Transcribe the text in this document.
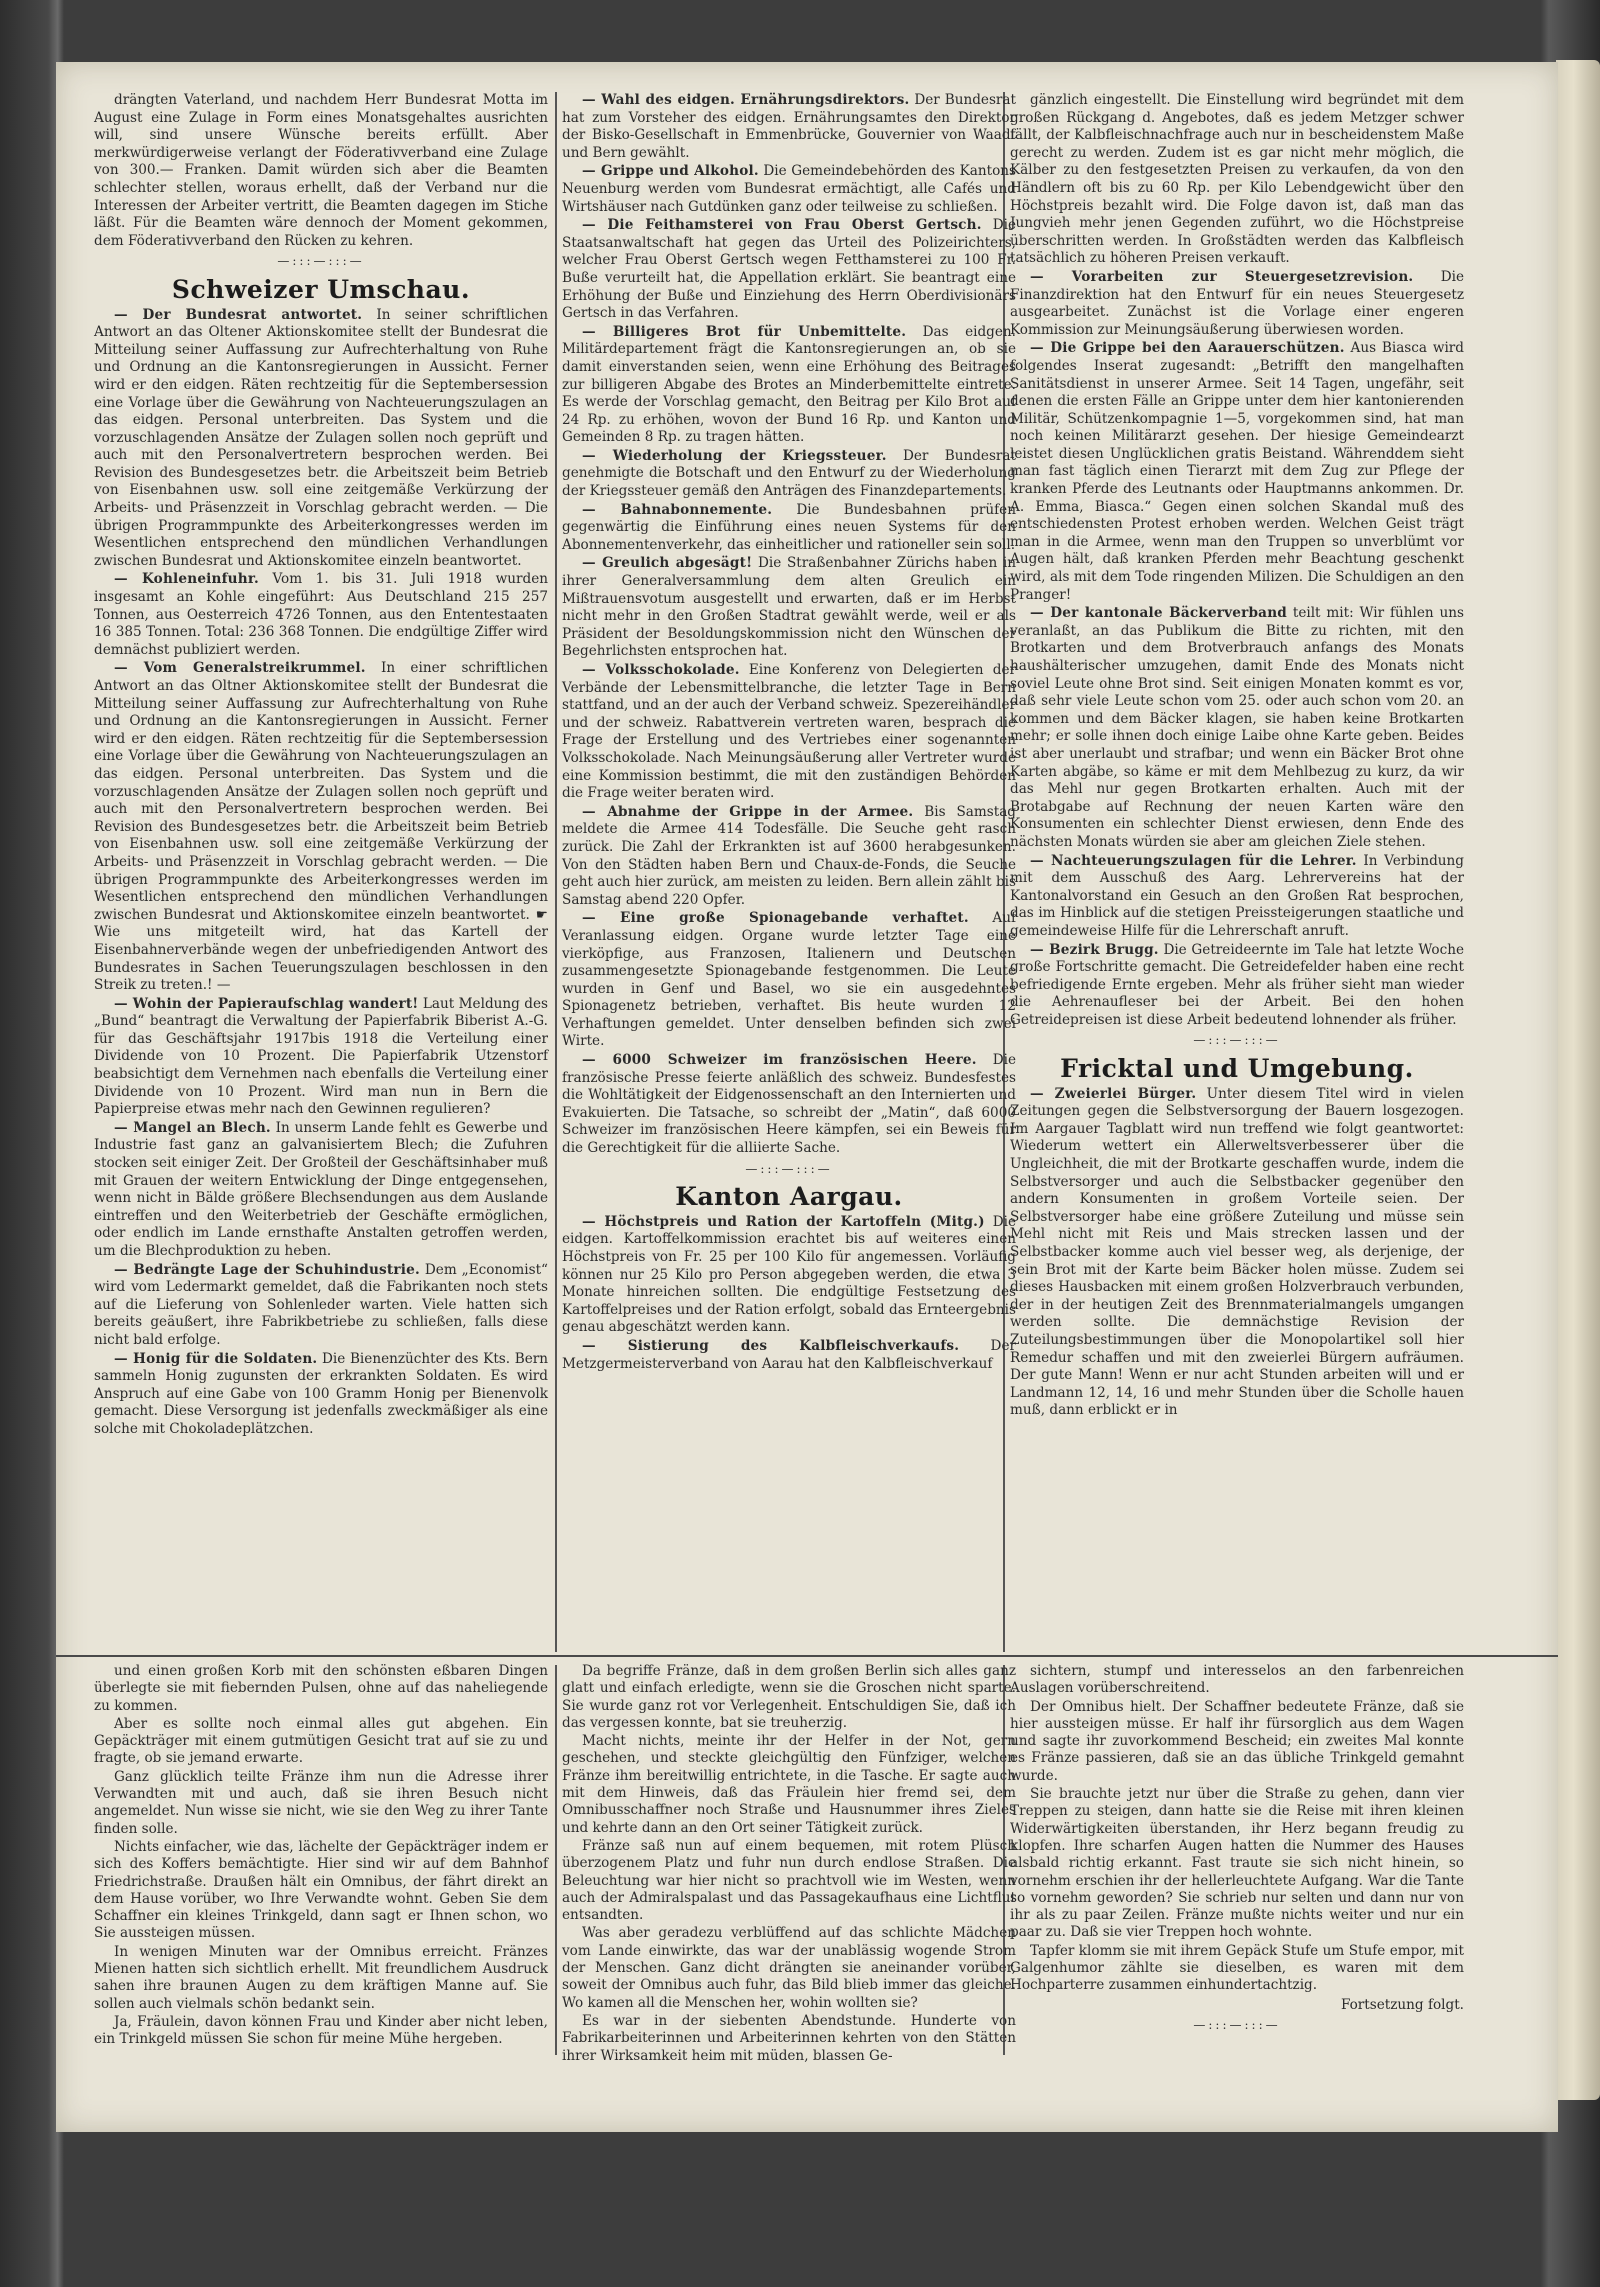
drängten Vaterland, und nachdem Herr Bundesrat Motta im August eine Zulage in Form eines Monatsgehaltes ausrichten will, sind unsere Wünsche bereits erfüllt. Aber merkwürdigerweise verlangt der Föderativverband eine Zulage von 300.— Franken. Damit würden sich aber die Beamten schlechter stellen, woraus erhellt, daß der Verband nur die Interessen der Arbeiter vertritt, die Beamten dagegen im Stiche läßt. Für die Beamten wäre dennoch der Moment gekommen, dem Föderativverband den Rücken zu kehren.

—:::—:::—
Schweizer Umschau.

— Der Bundesrat antwortet. In seiner schriftlichen Antwort an das Oltener Aktionskomitee stellt der Bundesrat die Mitteilung seiner Auffassung zur Aufrechterhaltung von Ruhe und Ordnung an die Kantonsregierungen in Aussicht. Ferner wird er den eidgen. Räten rechtzeitig für die Septembersession eine Vorlage über die Gewährung von Nachteuerungszulagen an das eidgen. Personal unterbreiten. Das System und die vorzuschlagenden Ansätze der Zulagen sollen noch geprüft und auch mit den Personalvertretern besprochen werden. Bei Revision des Bundesgesetzes betr. die Arbeitszeit beim Betrieb von Eisenbahnen usw. soll eine zeitgemäße Verkürzung der Arbeits- und Präsenzzeit in Vorschlag gebracht werden. — Die übrigen Programmpunkte des Arbeiterkongresses werden im Wesentlichen entsprechend den mündlichen Verhandlungen zwischen Bundesrat und Aktionskomitee einzeln beantwortet.

— Kohleneinfuhr. Vom 1. bis 31. Juli 1918 wurden insgesamt an Kohle eingeführt: Aus Deutschland 215 257 Tonnen, aus Oesterreich 4726 Tonnen, aus den Ententestaaten 16 385 Tonnen. Total: 236 368 Tonnen. Die endgültige Ziffer wird demnächst publiziert werden.

— Vom Generalstreikrummel. In einer schriftlichen Antwort an das Oltner Aktionskomitee stellt der Bundesrat die Mitteilung seiner Auffassung zur Aufrechterhaltung von Ruhe und Ordnung an die Kantonsregierungen in Aussicht. Ferner wird er den eidgen. Räten rechtzeitig für die Septembersession eine Vorlage über die Gewährung von Nachteuerungszulagen an das eidgen. Personal unterbreiten. Das System und die vorzuschlagenden Ansätze der Zulagen sollen noch geprüft und auch mit den Personalvertretern besprochen werden. Bei Revision des Bundesgesetzes betr. die Arbeitszeit beim Betrieb von Eisenbahnen usw. soll eine zeitgemäße Verkürzung der Arbeits- und Präsenzzeit in Vorschlag gebracht werden. — Die übrigen Programmpunkte des Arbeiterkongresses werden im Wesentlichen entsprechend den mündlichen Verhandlungen zwischen Bundesrat und Aktionskomitee einzeln beantwortet. ☛ Wie uns mitgeteilt wird, hat das Kartell der Eisenbahnerverbände wegen der unbefriedigenden Antwort des Bundesrates in Sachen Teuerungszulagen beschlossen in den Streik zu treten.! —

— Wohin der Papieraufschlag wandert! Laut Meldung des „Bund“ beantragt die Verwaltung der Papierfabrik Biberist A.-G. für das Geschäftsjahr 1917bis 1918 die Verteilung einer Dividende von 10 Prozent. Die Papierfabrik Utzenstorf beabsichtigt dem Vernehmen nach ebenfalls die Verteilung einer Dividende von 10 Prozent. Wird man nun in Bern die Papierpreise etwas mehr nach den Gewinnen regulieren?

— Mangel an Blech. In unserm Lande fehlt es Gewerbe und Industrie fast ganz an galvanisiertem Blech; die Zufuhren stocken seit einiger Zeit. Der Großteil der Geschäftsinhaber muß mit Grauen der weitern Entwicklung der Dinge entgegensehen, wenn nicht in Bälde größere Blechsendungen aus dem Auslande eintreffen und den Weiterbetrieb der Geschäfte ermöglichen, oder endlich im Lande ernsthafte Anstalten getroffen werden, um die Blechproduktion zu heben.

— Bedrängte Lage der Schuhindustrie. Dem „Economist“ wird vom Ledermarkt gemeldet, daß die Fabrikanten noch stets auf die Lieferung von Sohlenleder warten. Viele hatten sich bereits geäußert, ihre Fabrikbetriebe zu schließen, falls diese nicht bald erfolge.

— Honig für die Soldaten. Die Bienenzüchter des Kts. Bern sammeln Honig zugunsten der erkrankten Soldaten. Es wird Anspruch auf eine Gabe von 100 Gramm Honig per Bienenvolk gemacht. Diese Versorgung ist jedenfalls zweckmäßiger als eine solche mit Chokoladeplätzchen.

— Wahl des eidgen. Ernährungsdirektors. Der Bundesrat hat zum Vorsteher des eidgen. Ernährungsamtes den Direktor der Bisko-Gesellschaft in Emmenbrücke, Gouvernier von Waadt und Bern gewählt.

— Grippe und Alkohol. Die Gemeindebehörden des Kantons Neuenburg werden vom Bundesrat ermächtigt, alle Cafés und Wirtshäuser nach Gutdünken ganz oder teilweise zu schließen.

— Die Feithamsterei von Frau Oberst Gertsch. Die Staatsanwaltschaft hat gegen das Urteil des Polizeirichters, welcher Frau Oberst Gertsch wegen Fetthamsterei zu 100 Fr. Buße verurteilt hat, die Appellation erklärt. Sie beantragt eine Erhöhung der Buße und Einziehung des Herrn Oberdivisionärs Gertsch in das Verfahren.

— Billigeres Brot für Unbemittelte. Das eidgen. Militärdepartement frägt die Kantonsregierungen an, ob sie damit einverstanden seien, wenn eine Erhöhung des Beitrages zur billigeren Abgabe des Brotes an Minderbemittelte eintrete. Es werde der Vorschlag gemacht, den Beitrag per Kilo Brot auf 24 Rp. zu erhöhen, wovon der Bund 16 Rp. und Kanton und Gemeinden 8 Rp. zu tragen hätten.

— Wiederholung der Kriegssteuer. Der Bundesrat genehmigte die Botschaft und den Entwurf zu der Wiederholung der Kriegssteuer gemäß den Anträgen des Finanzdepartements.

— Bahnabonnemente. Die Bundesbahnen prüfen gegenwärtig die Einführung eines neuen Systems für den Abonnementenverkehr, das einheitlicher und rationeller sein soll.

— Greulich abgesägt! Die Straßenbahner Zürichs haben in ihrer Generalversammlung dem alten Greulich ein Mißtrauensvotum ausgestellt und erwarten, daß er im Herbst nicht mehr in den Großen Stadtrat gewählt werde, weil er als Präsident der Besoldungskommission nicht den Wünschen der Begehrlichsten entsprochen hat.

— Volksschokolade. Eine Konferenz von Delegierten der Verbände der Lebensmittelbranche, die letzter Tage in Bern stattfand, und an der auch der Verband schweiz. Spezereihändler und der schweiz. Rabattverein vertreten waren, besprach die Frage der Erstellung und des Vertriebes einer sogenannten Volksschokolade. Nach Meinungsäußerung aller Vertreter wurde eine Kommission bestimmt, die mit den zuständigen Behörden die Frage weiter beraten wird.

— Abnahme der Grippe in der Armee. Bis Samstag meldete die Armee 414 Todesfälle. Die Seuche geht rasch zurück. Die Zahl der Erkrankten ist auf 3600 herabgesunken. Von den Städten haben Bern und Chaux-de-Fonds, die Seuche geht auch hier zurück, am meisten zu leiden. Bern allein zählt bis Samstag abend 220 Opfer.

— Eine große Spionagebande verhaftet. Auf Veranlassung eidgen. Organe wurde letzter Tage eine vierköpfige, aus Franzosen, Italienern und Deutschen zusammengesetzte Spionagebande festgenommen. Die Leute wurden in Genf und Basel, wo sie ein ausgedehntes Spionagenetz betrieben, verhaftet. Bis heute wurden 12 Verhaftungen gemeldet. Unter denselben befinden sich zwei Wirte.

— 6000 Schweizer im französischen Heere. Die französische Presse feierte anläßlich des schweiz. Bundesfestes die Wohltätigkeit der Eidgenossenschaft an den Internierten und Evakuierten. Die Tatsache, so schreibt der „Matin“, daß 6000 Schweizer im französischen Heere kämpfen, sei ein Beweis für die Gerechtigkeit für die alliierte Sache.

—:::—:::—
Kanton Aargau.

— Höchstpreis und Ration der Kartoffeln (Mitg.) Die eidgen. Kartoffelkommission erachtet bis auf weiteres einen Höchstpreis von Fr. 25 per 100 Kilo für angemessen. Vorläufig können nur 25 Kilo pro Person abgegeben werden, die etwa 3 Monate hinreichen sollten. Die endgültige Festsetzung des Kartoffelpreises und der Ration erfolgt, sobald das Ernteergebnis genau abgeschätzt werden kann.

— Sistierung des Kalbfleischverkaufs. Der Metzgermeisterverband von Aarau hat den Kalbfleischverkauf

gänzlich eingestellt. Die Einstellung wird begründet mit dem großen Rückgang d. Angebotes, daß es jedem Metzger schwer fällt, der Kalbfleischnachfrage auch nur in bescheidenstem Maße gerecht zu werden. Zudem ist es gar nicht mehr möglich, die Kälber zu den festgesetzten Preisen zu verkaufen, da von den Händlern oft bis zu 60 Rp. per Kilo Lebendgewicht über den Höchstpreis bezahlt wird. Die Folge davon ist, daß man das Jungvieh mehr jenen Gegenden zuführt, wo die Höchstpreise überschritten werden. In Großstädten werden das Kalbfleisch tatsächlich zu höheren Preisen verkauft.

— Vorarbeiten zur Steuergesetzrevision. Die Finanzdirektion hat den Entwurf für ein neues Steuergesetz ausgearbeitet. Zunächst ist die Vorlage einer engeren Kommission zur Meinungsäußerung überwiesen worden.

— Die Grippe bei den Aarauerschützen. Aus Biasca wird folgendes Inserat zugesandt: „Betrifft den mangelhaften Sanitätsdienst in unserer Armee. Seit 14 Tagen, ungefähr, seit denen die ersten Fälle an Grippe unter dem hier kantonierenden Militär, Schützenkompagnie 1—5, vorgekommen sind, hat man noch keinen Militärarzt gesehen. Der hiesige Gemeindearzt leistet diesen Unglücklichen gratis Beistand. Währenddem sieht man fast täglich einen Tierarzt mit dem Zug zur Pflege der kranken Pferde des Leutnants oder Hauptmanns ankommen. Dr. A. Emma, Biasca.“ Gegen einen solchen Skandal muß des entschiedensten Protest erhoben werden. Welchen Geist trägt man in die Armee, wenn man den Truppen so unverblümt vor Augen hält, daß kranken Pferden mehr Beachtung geschenkt wird, als mit dem Tode ringenden Milizen. Die Schuldigen an den Pranger!

— Der kantonale Bäckerverband teilt mit: Wir fühlen uns veranlaßt, an das Publikum die Bitte zu richten, mit den Brotkarten und dem Brotverbrauch anfangs des Monats haushälterischer umzugehen, damit Ende des Monats nicht soviel Leute ohne Brot sind. Seit einigen Monaten kommt es vor, daß sehr viele Leute schon vom 25. oder auch schon vom 20. an kommen und dem Bäcker klagen, sie haben keine Brotkarten mehr; er solle ihnen doch einige Laibe ohne Karte geben. Beides ist aber unerlaubt und strafbar; und wenn ein Bäcker Brot ohne Karten abgäbe, so käme er mit dem Mehlbezug zu kurz, da wir das Mehl nur gegen Brotkarten erhalten. Auch mit der Brotabgabe auf Rechnung der neuen Karten wäre den Konsumenten ein schlechter Dienst erwiesen, denn Ende des nächsten Monats würden sie aber am gleichen Ziele stehen.

— Nachteuerungszulagen für die Lehrer. In Verbindung mit dem Ausschuß des Aarg. Lehrervereins hat der Kantonalvorstand ein Gesuch an den Großen Rat besprochen, das im Hinblick auf die stetigen Preissteigerungen staatliche und gemeindeweise Hilfe für die Lehrerschaft anruft.

— Bezirk Brugg. Die Getreideernte im Tale hat letzte Woche große Fortschritte gemacht. Die Getreidefelder haben eine recht befriedigende Ernte ergeben. Mehr als früher sieht man wieder die Aehrenaufleser bei der Arbeit. Bei den hohen Getreidepreisen ist diese Arbeit bedeutend lohnender als früher.

—:::—:::—
Fricktal und Umgebung.

— Zweierlei Bürger. Unter diesem Titel wird in vielen Zeitungen gegen die Selbstversorgung der Bauern losgezogen. Im Aargauer Tagblatt wird nun treffend wie folgt geantwortet: Wiederum wettert ein Allerweltsverbesserer über die Ungleichheit, die mit der Brotkarte geschaffen wurde, indem die Selbstversorger und auch die Selbstbacker gegenüber den andern Konsumenten in großem Vorteile seien. Der Selbstversorger habe eine größere Zuteilung und müsse sein Mehl nicht mit Reis und Mais strecken lassen und der Selbstbacker komme auch viel besser weg, als derjenige, der sein Brot mit der Karte beim Bäcker holen müsse. Zudem sei dieses Hausbacken mit einem großen Holzverbrauch verbunden, der in der heutigen Zeit des Brennmaterialmangels umgangen werden sollte. Die demnächstige Revision der Zuteilungsbestimmungen über die Monopolartikel soll hier Remedur schaffen und mit den zweierlei Bürgern aufräumen. Der gute Mann! Wenn er nur acht Stunden arbeiten will und er Landmann 12, 14, 16 und mehr Stunden über die Scholle hauen muß, dann erblickt er in

und einen großen Korb mit den schönsten eßbaren Dingen überlegte sie mit fiebernden Pulsen, ohne auf das naheliegende zu kommen.

Aber es sollte noch einmal alles gut abgehen. Ein Gepäckträger mit einem gutmütigen Gesicht trat auf sie zu und fragte, ob sie jemand erwarte.

Ganz glücklich teilte Fränze ihm nun die Adresse ihrer Verwandten mit und auch, daß sie ihren Besuch nicht angemeldet. Nun wisse sie nicht, wie sie den Weg zu ihrer Tante finden solle.

Nichts einfacher, wie das, lächelte der Gepäckträger indem er sich des Koffers bemächtigte. Hier sind wir auf dem Bahnhof Friedrichstraße. Draußen hält ein Omnibus, der fährt direkt an dem Hause vorüber, wo Ihre Verwandte wohnt. Geben Sie dem Schaffner ein kleines Trinkgeld, dann sagt er Ihnen schon, wo Sie aussteigen müssen.

In wenigen Minuten war der Omnibus erreicht. Fränzes Mienen hatten sich sichtlich erhellt. Mit freundlichem Ausdruck sahen ihre braunen Augen zu dem kräftigen Manne auf. Sie sollen auch vielmals schön bedankt sein.

Ja, Fräulein, davon können Frau und Kinder aber nicht leben, ein Trinkgeld müssen Sie schon für meine Mühe hergeben.

Da begriffe Fränze, daß in dem großen Berlin sich alles ganz glatt und einfach erledigte, wenn sie die Groschen nicht sparte. Sie wurde ganz rot vor Verlegenheit. Entschuldigen Sie, daß ich das vergessen konnte, bat sie treuherzig.

Macht nichts, meinte ihr der Helfer in der Not, gern geschehen, und steckte gleichgültig den Fünfziger, welchen Fränze ihm bereitwillig entrichtete, in die Tasche. Er sagte auch mit dem Hinweis, daß das Fräulein hier fremd sei, dem Omnibusschaffner noch Straße und Hausnummer ihres Zieles und kehrte dann an den Ort seiner Tätigkeit zurück.

Fränze saß nun auf einem bequemen, mit rotem Plüsch überzogenem Platz und fuhr nun durch endlose Straßen. Die Beleuchtung war hier nicht so prachtvoll wie im Westen, wenn auch der Admiralspalast und das Passagekaufhaus eine Lichtflut entsandten.

Was aber geradezu verblüffend auf das schlichte Mädchen vom Lande einwirkte, das war der unablässig wogende Strom der Menschen. Ganz dicht drängten sie aneinander vorüber, soweit der Omnibus auch fuhr, das Bild blieb immer das gleiche. Wo kamen all die Menschen her, wohin wollten sie?

Es war in der siebenten Abendstunde. Hunderte von Fabrikarbeiterinnen und Arbeiterinnen kehrten von den Stätten ihrer Wirksamkeit heim mit müden, blassen Ge-

sichtern, stumpf und interesselos an den farbenreichen Auslagen vorüberschreitend.

Der Omnibus hielt. Der Schaffner bedeutete Fränze, daß sie hier aussteigen müsse. Er half ihr fürsorglich aus dem Wagen und sagte ihr zuvorkommend Bescheid; ein zweites Mal konnte es Fränze passieren, daß sie an das übliche Trinkgeld gemahnt wurde.

Sie brauchte jetzt nur über die Straße zu gehen, dann vier Treppen zu steigen, dann hatte sie die Reise mit ihren kleinen Widerwärtigkeiten überstanden, ihr Herz begann freudig zu klopfen. Ihre scharfen Augen hatten die Nummer des Hauses alsbald richtig erkannt. Fast traute sie sich nicht hinein, so vornehm erschien ihr der hellerleuchtete Aufgang. War die Tante so vornehm geworden? Sie schrieb nur selten und dann nur von ihr als zu paar Zeilen. Fränze mußte nichts weiter und nur ein paar zu. Daß sie vier Treppen hoch wohnte.

Tapfer klomm sie mit ihrem Gepäck Stufe um Stufe empor, mit Galgenhumor zählte sie dieselben, es waren mit dem Hochparterre zusammen einhundertachtzig.

Fortsetzung folgt.
—:::—:::—
